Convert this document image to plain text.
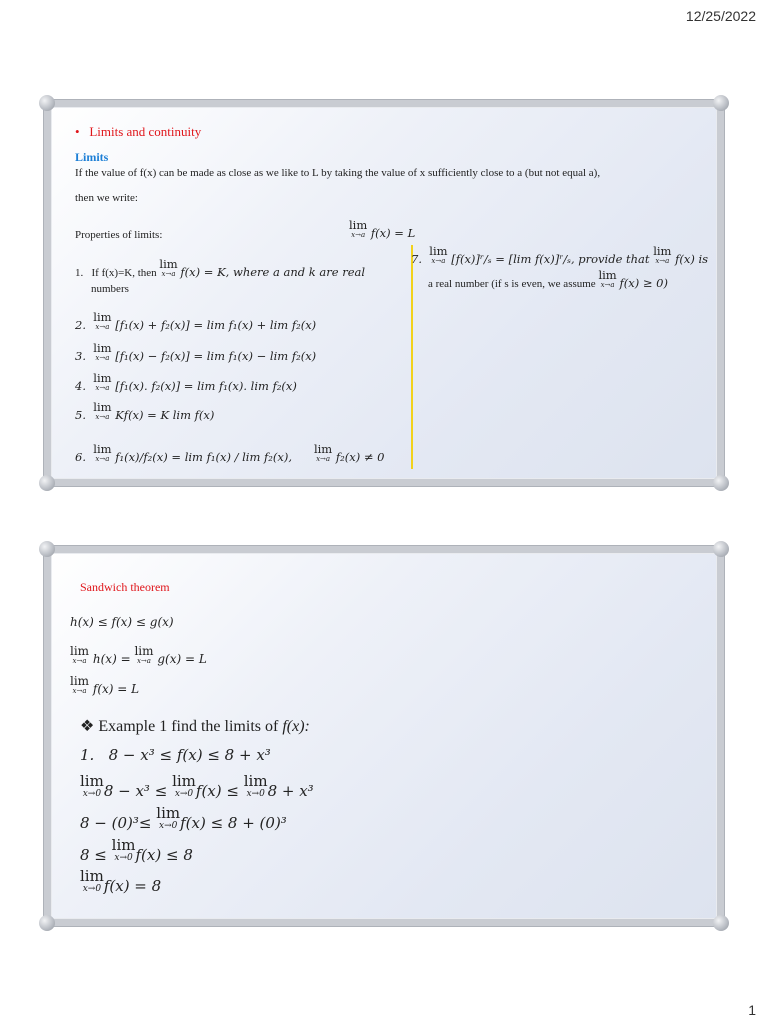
12/25/2022
• Limits and continuity
Limits
If the value of f(x) can be made as close as we like to L by taking the value of x sufficiently close to a (but not equal a),
then we write:
lim
x→a f(x) = L
Properties of limits:
1. If f(x)=K, then lim
x→a f(x) = K, where a and k are real
numbers
2.  lim
x→a [f₁(x) + f₂(x)] = lim f₁(x) + lim f₂(x)
3.  lim
x→a [f₁(x) − f₂(x)] = lim f₁(x) − lim f₂(x)
4.  lim
x→a [f₁(x). f₂(x)] = lim f₁(x). lim f₂(x)
5.  lim
x→a Kf(x) = K lim f(x)
6.  lim
x→a f₁(x)/f₂(x) = lim f₁(x) / lim f₂(x),      lim
x→a f₂(x) ≠ 0
7.  lim
x→a [f(x)]ʳ/ₛ = [lim f(x)]ʳ/ₛ, provide that lim
x→a f(x) is
a real number (if s is even, we assume lim
x→a f(x) ≥ 0)
Sandwich theorem
h(x) ≤ f(x) ≤ g(x)
lim
x→a h(x) = lim
x→a g(x) = L
lim
x→a f(x) = L
❖ Example 1 find the limits of f(x):
1. 8 − x³ ≤ f(x) ≤ 8 + x³
lim
x→0 8 − x³ ≤ lim
x→0 f(x) ≤ lim
x→0 8 + x³
8 − (0)³≤ lim
x→0 f(x) ≤ 8 + (0)³
8 ≤ lim
x→0 f(x) ≤ 8
lim
x→0 f(x) = 8
1
